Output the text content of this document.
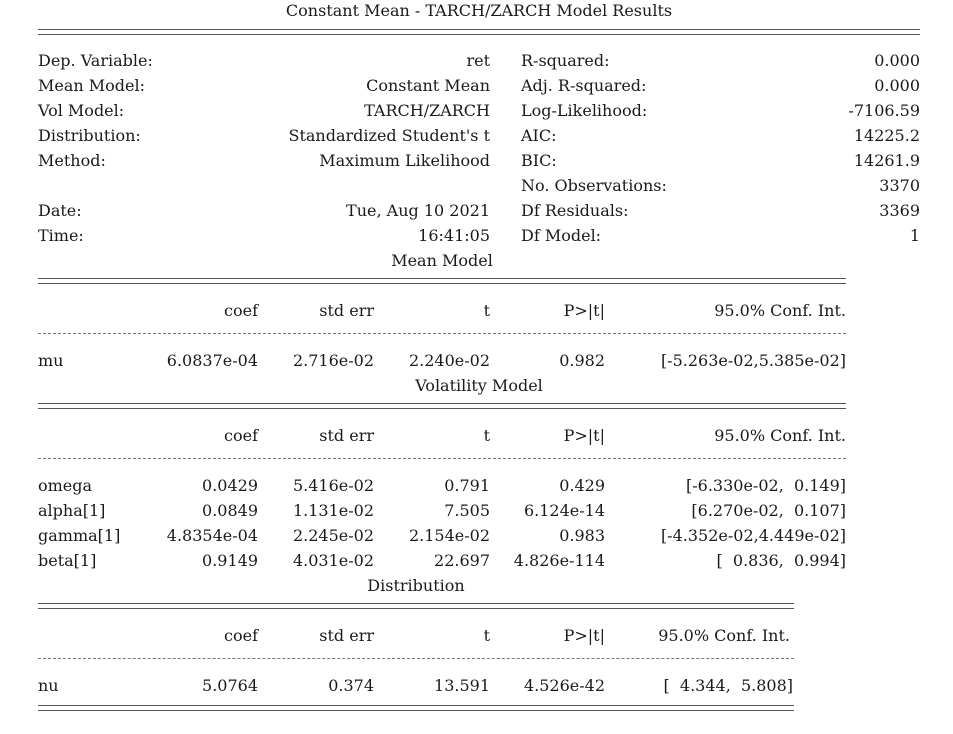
Constant Mean - TARCH/ZARCH Model Results
Dep. Variable:	ret
Mean Model:	Constant Mean
Vol Model:	TARCH/ZARCH
Distribution:	Standardized Student's t
Method:	Maximum Likelihood
Date:	Tue, Aug 10 2021
Time:	16:41:05
R-squared:	0.000
Adj. R-squared:	0.000
Log-Likelihood:	-7106.59
AIC:	14225.2
BIC:	14261.9
No. Observations:	3370
Df Residuals:	3369
Df Model:	1
Mean Model
coef	std err	t	P>|t|	95.0% Conf. Int.
mu	6.0837e-04	2.716e-02	2.240e-02	0.982	[-5.263e-02,5.385e-02]
Volatility Model
coef	std err	t	P>|t|	95.0% Conf. Int.
omega	0.0429	5.416e-02	0.791	0.429	[-6.330e-02,  0.149]
alpha[1]	0.0849	1.131e-02	7.505	6.124e-14	[6.270e-02,  0.107]
gamma[1]	4.8354e-04	2.245e-02	2.154e-02	0.983	[-4.352e-02,4.449e-02]
beta[1]	0.9149	4.031e-02	22.697	4.826e-114	[  0.836,  0.994]
Distribution
coef	std err	t	P>|t|	95.0% Conf. Int.
nu	5.0764	0.374	13.591	4.526e-42	[  4.344,  5.808]
